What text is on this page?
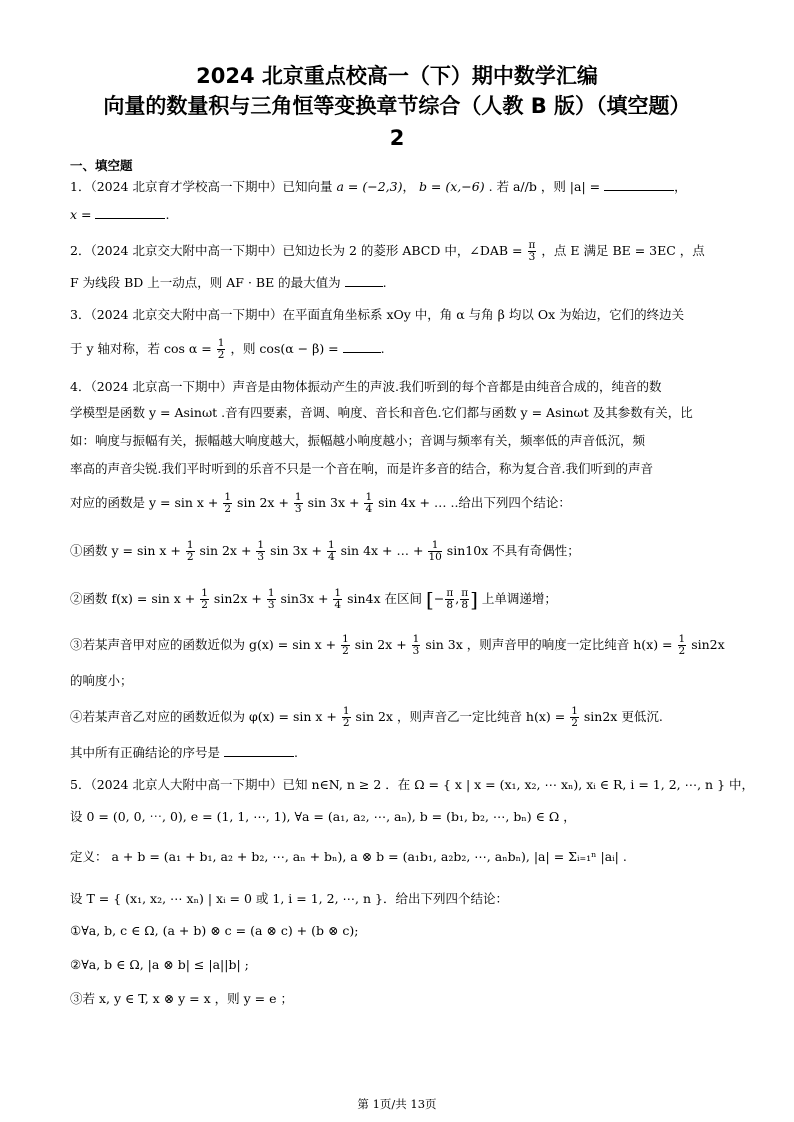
2024 北京重点校高一（下）期中数学汇编
向量的数量积与三角恒等变换章节综合（人教 B 版）（填空题）
2
一、填空题
1．（2024 北京育才学校高一下期中）已知向量 a = (−2,3)， b = (x,−6) . 若 a//b ，则 |a| =	，
x =	.
2．（2024 北京交大附中高一下期中）已知边长为 2 的菱形 ABCD 中，∠DAB = $\frac{\pi}{3}$ ，点 E 满足 BE = 3EC ，点
F 为线段 BD 上一动点，则 AF · BE 的最大值为	.
3．（2024 北京交大附中高一下期中）在平面直角坐标系 xOy 中，角 α 与角 β 均以 Ox 为始边，它们的终边关
于 y 轴对称，若 $\cos \alpha = \frac{1}{2}$ ，则 cos(α − β) =	.
4．（2024 北京高一下期中）声音是由物体振动产生的声波.我们听到的每个音都是由纯音合成的，纯音的数
学模型是函数 y = Asinωt .音有四要素，音调、响度、音长和音色.它们都与函数 y = Asinωt 及其参数有关，比
如：响度与振幅有关，振幅越大响度越大，振幅越小响度越小；音调与频率有关，频率低的声音低沉，频
率高的声音尖锐.我们平时听到的乐音不只是一个音在响，而是许多音的结合，称为复合音.我们听到的声音
对应的函数是 $y = \sin x + \frac{1}{2}$ $\sin 2x + \frac{1}{3}$ $\sin 3x + \frac{1}{4}$ sin 4x + … ..给出下列四个结论：
①函数 $y = \sin x + \frac{1}{2}$ $\sin 2x + \frac{1}{3}$ $\sin 3x + \frac{1}{4}$ sin 4x + … + $\frac{1}{10} \sin 10x$ 不具有奇偶性；
②函数 $f(x) = \sin x + \frac{1}{2} \sin 2x + \frac{1}{3} \sin 3x + \frac{1}{4} \sin 4x$ 在区间 [− $\frac{\pi}{8}$ , $\frac{\pi}{8}$ ] 上单调递增；
③若某声音甲对应的函数近似为 $g(x) = \sin x + \frac{1}{2}$ $\sin 2x + \frac{1}{3}$ sin 3x ，则声音甲的响度一定比纯音 $h(x) = \frac{1}{2} \sin 2x$
的响度小；
④若某声音乙对应的函数近似为 $\varphi(x) = \sin x + \frac{1}{2}$ sin 2x ，则声音乙一定比纯音 $h(x) = \frac{1}{2} \sin 2x$ 更低沉.
其中所有正确结论的序号是	.
5．（2024 北京人大附中高一下期中）已知 n∈N, n ≥ 2 ．在 Ω = { x | x = (x₁, x₂, ⋯ xₙ), xᵢ ∈ R, i = 1, 2, ⋯, n } 中，
设 0 = (0, 0, ⋯, 0), e = (1, 1, ⋯, 1), ∀a = (a₁, a₂, ⋯, aₙ), b = (b₁, b₂, ⋯, bₙ) ∈ Ω ，
定义： a + b = (a₁ + b₁, a₂ + b₂, ⋯, aₙ + bₙ), a ⊗ b = (a₁b₁, a₂b₂, ⋯, aₙbₙ), |a| = Σᵢ₌₁ⁿ |aᵢ| .
设 T = { (x₁, x₂, ⋯ xₙ) | xᵢ = 0 或 1, i = 1, 2, ⋯, n }．给出下列四个结论：
①∀a, b, c ∈ Ω, (a + b) ⊗ c = (a ⊗ c) + (b ⊗ c);
②∀a, b ∈ Ω, |a ⊗ b| ≤ |a||b| ;
③若 x, y ∈ T, x ⊗ y = x ，则 y = e ；
第 1页/共 13页
